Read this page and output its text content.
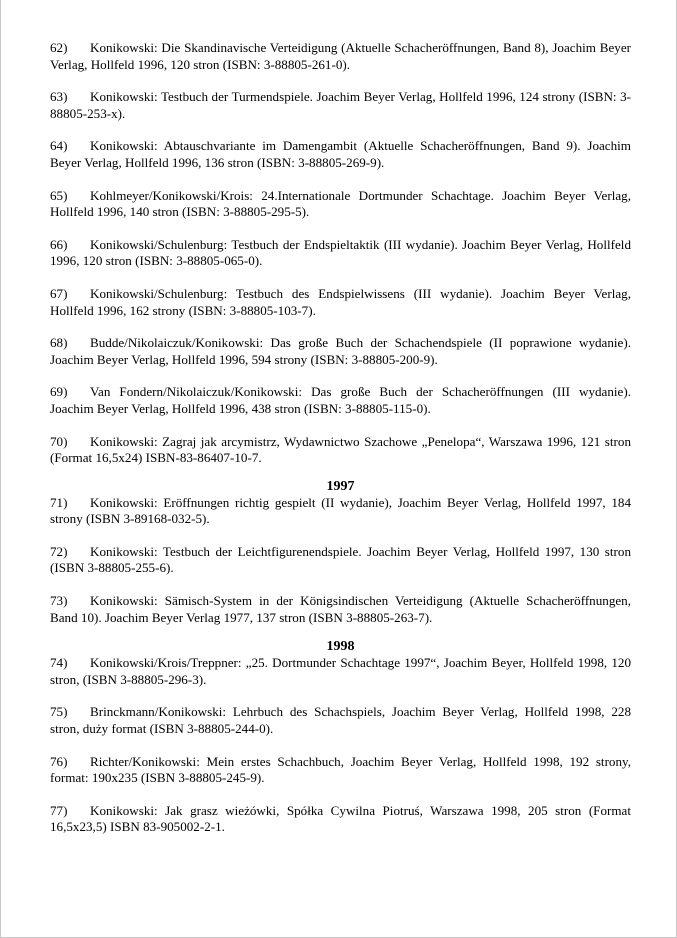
62) Konikowski: Die Skandinavische Verteidigung (Aktuelle Schacheröffnungen, Band 8), Joachim Beyer Verlag, Hollfeld 1996, 120 stron (ISBN: 3-88805-261-0).

63) Konikowski: Testbuch der Turmendspiele. Joachim Beyer Verlag, Hollfeld 1996, 124 strony (ISBN: 3-88805-253-x).

64) Konikowski: Abtauschvariante im Damengambit (Aktuelle Schacheröffnungen, Band 9). Joachim Beyer Verlag, Hollfeld 1996, 136 stron (ISBN: 3-88805-269-9).

65) Kohlmeyer/Konikowski/Krois: 24.Internationale Dortmunder Schachtage. Joachim Beyer Verlag, Hollfeld 1996, 140 stron (ISBN: 3-88805-295-5).

66) Konikowski/Schulenburg: Testbuch der Endspieltaktik (III wydanie). Joachim Beyer Verlag, Hollfeld 1996, 120 stron (ISBN: 3-88805-065-0).

67) Konikowski/Schulenburg: Testbuch des Endspielwissens (III wydanie). Joachim Beyer Verlag, Hollfeld 1996, 162 strony (ISBN: 3-88805-103-7).

68) Budde/Nikolaiczuk/Konikowski: Das große Buch der Schachendspiele (II poprawione wydanie). Joachim Beyer Verlag, Hollfeld 1996, 594 strony (ISBN: 3-88805-200-9).

69) Van Fondern/Nikolaiczuk/Konikowski: Das große Buch der Schacheröffnungen (III wydanie). Joachim Beyer Verlag, Hollfeld 1996, 438 stron (ISBN: 3-88805-115-0).

70) Konikowski: Zagraj jak arcymistrz, Wydawnictwo Szachowe „Penelopa“, Warszawa 1996, 121 stron (Format 16,5x24) ISBN-83-86407-10-7.

1997

71) Konikowski: Eröffnungen richtig gespielt (II wydanie), Joachim Beyer Verlag, Hollfeld 1997, 184 strony (ISBN 3-89168-032-5).

72) Konikowski: Testbuch der Leichtfigurenendspiele. Joachim Beyer Verlag, Hollfeld 1997, 130 stron (ISBN 3-88805-255-6).

73) Konikowski: Sämisch-System in der Königsindischen Verteidigung (Aktuelle Schacheröffnungen, Band 10). Joachim Beyer Verlag 1977, 137 stron (ISBN 3-88805-263-7).

1998

74) Konikowski/Krois/Treppner: „25. Dortmunder Schachtage 1997“, Joachim Beyer, Hollfeld 1998, 120 stron, (ISBN 3-88805-296-3).

75) Brinckmann/Konikowski: Lehrbuch des Schachspiels, Joachim Beyer Verlag, Hollfeld 1998, 228 stron, duży format (ISBN 3-88805-244-0).

76) Richter/Konikowski: Mein erstes Schachbuch, Joachim Beyer Verlag, Hollfeld 1998, 192 strony, format: 190x235 (ISBN 3-88805-245-9).

77) Konikowski: Jak grasz wieżówki, Spółka Cywilna Piotruś, Warszawa 1998, 205 stron (Format 16,5x23,5) ISBN 83-905002-2-1.
